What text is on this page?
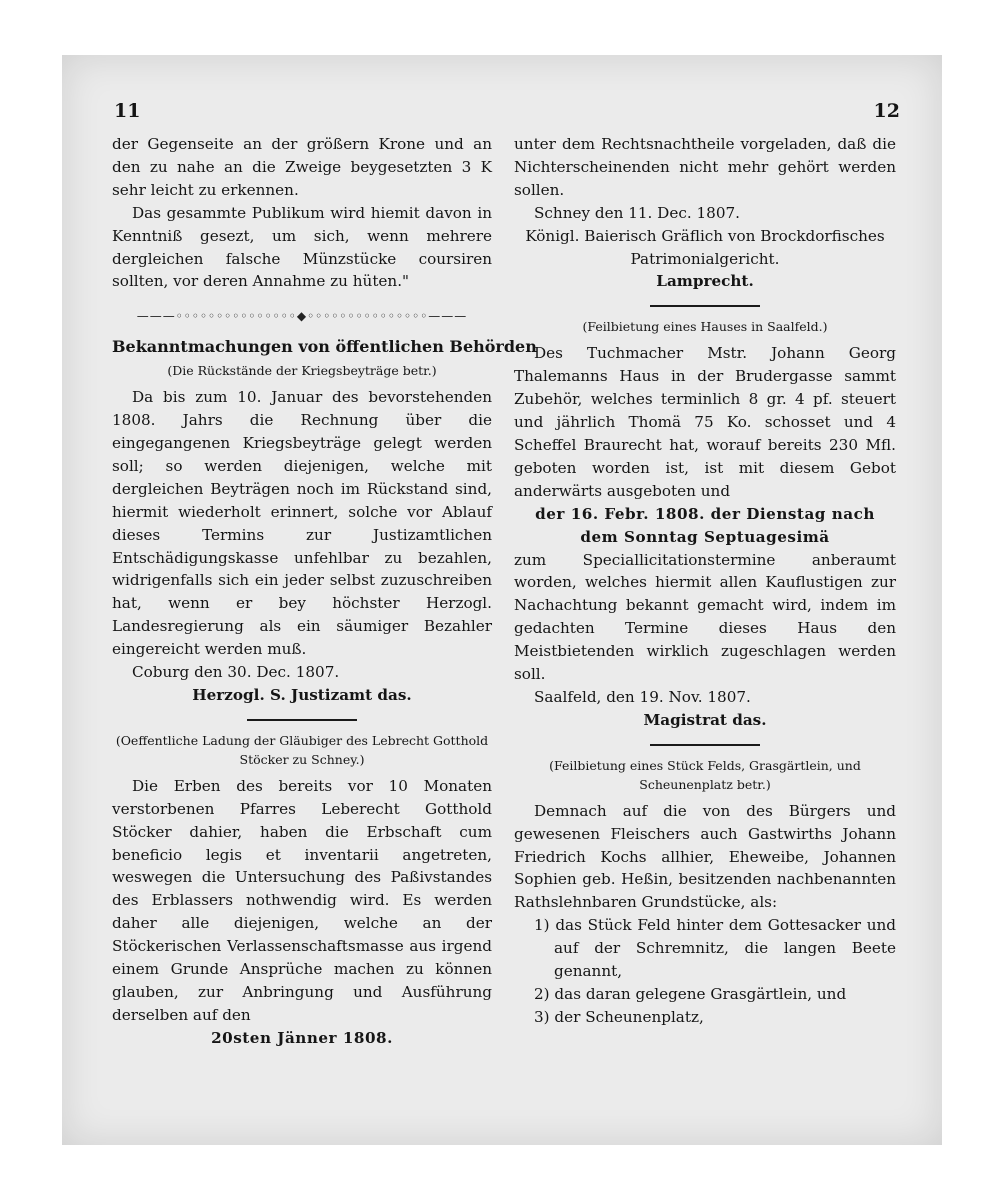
11	12

der Gegenseite an der größern Krone und an den zu nahe an die Zweige beygesetzten 3 K sehr leicht zu erkennen.

Das gesammte Publikum wird hiemit davon in Kenntniß gesezt, um sich, wenn mehrere dergleichen falsche Münzstücke coursiren sollten, vor deren Annahme zu hüten."

———◦◦◦◦◦◦◦◦◦◦◦◦◦◦◦◆◦◦◦◦◦◦◦◦◦◦◦◦◦◦◦———

Bekanntmachungen von öffentlichen Behörden

(Die Rückstände der Kriegsbeyträge betr.)

Da bis zum 10. Januar des bevorstehenden 1808. Jahrs die Rechnung über die eingegangenen Kriegsbeyträge gelegt werden soll; so werden diejenigen, welche mit dergleichen Beyträgen noch im Rückstand sind, hiermit wiederholt erinnert, solche vor Ablauf dieses Termins zur Justizamtlichen Entschädigungskasse unfehlbar zu bezahlen, widrigenfalls sich ein jeder selbst zuzuschreiben hat, wenn er bey höchster Herzogl. Landesregierung als ein säumiger Bezahler eingereicht werden muß.

Coburg den 30. Dec. 1807.

Herzogl. S. Justizamt das.

(Oeffentliche Ladung der Gläubiger des Lebrecht Gotthold Stöcker zu Schney.)

Die Erben des bereits vor 10 Monaten verstorbenen Pfarres Leberecht Gotthold Stöcker dahier, haben die Erbschaft cum beneficio legis et inventarii angetreten, weswegen die Untersuchung des Paßivstandes des Erblassers nothwendig wird. Es werden daher alle diejenigen, welche an der Stöckerischen Verlassenschaftsmasse aus irgend einem Grunde Ansprüche machen zu können glauben, zur Anbringung und Ausführung derselben auf den

20sten Jänner 1808.

unter dem Rechtsnachtheile vorgeladen, daß die Nichterscheinenden nicht mehr gehört werden sollen.

Schney den 11. Dec. 1807.

Königl. Baierisch Gräflich von Brockdorfisches Patrimonialgericht.

Lamprecht.

(Feilbietung eines Hauses in Saalfeld.)

Des Tuchmacher Mstr. Johann Georg Thalemanns Haus in der Brudergasse sammt Zubehör, welches terminlich 8 gr. 4 pf. steuert und jährlich Thomä 75 Ko. schosset und 4 Scheffel Braurecht hat, worauf bereits 230 Mfl. geboten worden ist, ist mit diesem Gebot anderwärts ausgeboten und

der 16. Febr. 1808. der Dienstag nach

dem Sonntag Septuagesimä

zum Speciallicitationstermine anberaumt worden, welches hiermit allen Kauflustigen zur Nachachtung bekannt gemacht wird, indem im gedachten Termine dieses Haus den Meistbietenden wirklich zugeschlagen werden soll.

Saalfeld, den 19. Nov. 1807.

Magistrat das.

(Feilbietung eines Stück Felds, Grasgärtlein, und Scheunenplatz betr.)

Demnach auf die von des Bürgers und gewesenen Fleischers auch Gastwirths Johann Friedrich Kochs allhier, Eheweibe, Johannen Sophien geb. Heßin, besitzenden nachbenannten Rathslehnbaren Grundstücke, als:

1) das Stück Feld hinter dem Gottesacker und auf der Schremnitz, die langen Beete genannt,

2) das daran gelegene Grasgärtlein, und

3) der Scheunenplatz,
